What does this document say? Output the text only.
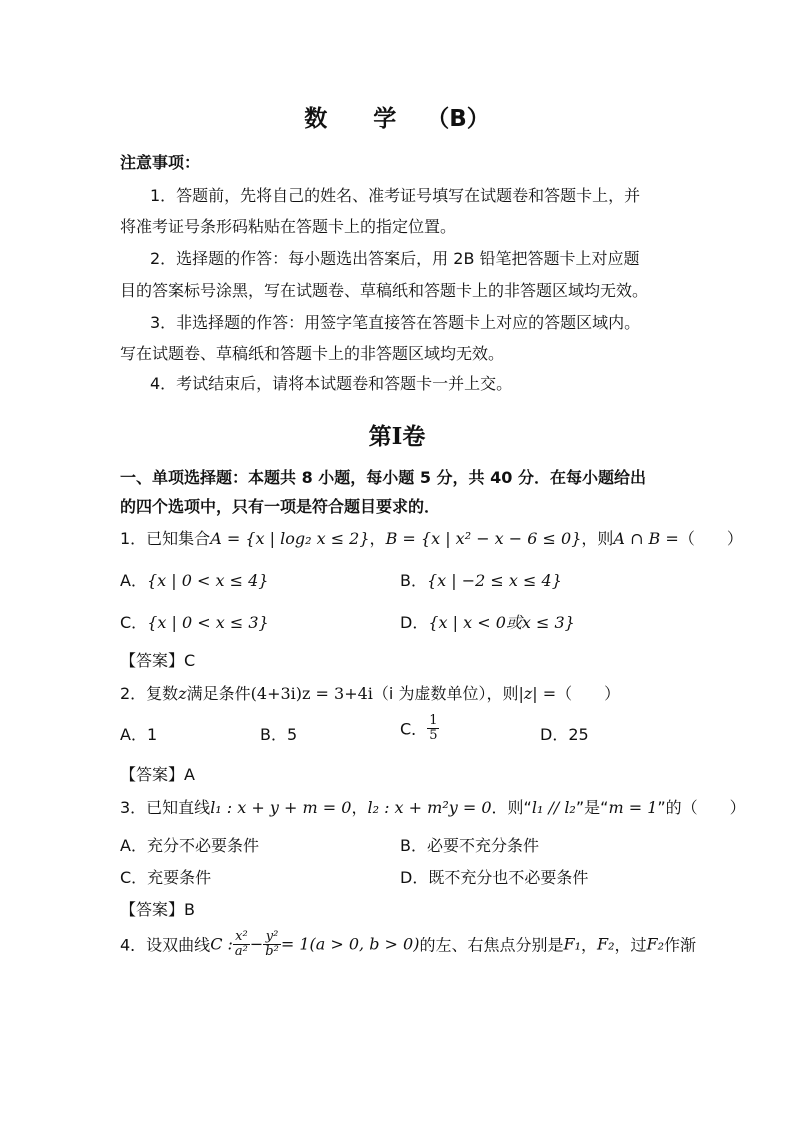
数 学 （B）
注意事项：
1．答题前，先将自己的姓名、准考证号填写在试题卷和答题卡上，并
将准考证号条形码粘贴在答题卡上的指定位置。
2．选择题的作答：每小题选出答案后，用 2B 铅笔把答题卡上对应题
目的答案标号涂黑，写在试题卷、草稿纸和答题卡上的非答题区域均无效。
3．非选择题的作答：用签字笔直接答在答题卡上对应的答题区域内。
写在试题卷、草稿纸和答题卡上的非答题区域均无效。
4．考试结束后，请将本试题卷和答题卡一并上交。
第Ⅰ卷
一、单项选择题：本题共 8 小题，每小题 5 分，共 40 分．在每小题给出
的四个选项中，只有一项是符合题目要求的．
1．已知集合A = {x | log₂ x ≤ 2}，B = {x | x² − x − 6 ≤ 0}，则A ∩ B =（　　）
A．{x | 0 < x ≤ 4}	B．{x | −2 ≤ x ≤ 4}
C．{x | 0 < x ≤ 3}	D．{x | x < 0或x ≤ 3}
【答案】C
2．复数z满足条件(4+3i)z = 3+4i（i 为虚数单位），则|z| =（　　）
A．1	B．5	C． $\frac{1}{5}$	D．25
【答案】A
3．已知直线l₁ : x + y + m = 0，l₂ : x + m²y = 0．则“l₁ // l₂”是“m = 1”的（　　）
A．充分不必要条件	B．必要不充分条件
C．充要条件	D．既不充分也不必要条件
【答案】B
4．设双曲线C : $\frac{\text{x²}}{\text{a²}} - \frac{\text{y²}}{\text{b²}} = 1(a > 0$, b > 0)的左、右焦点分别是F₁，F₂，过F₂作渐
